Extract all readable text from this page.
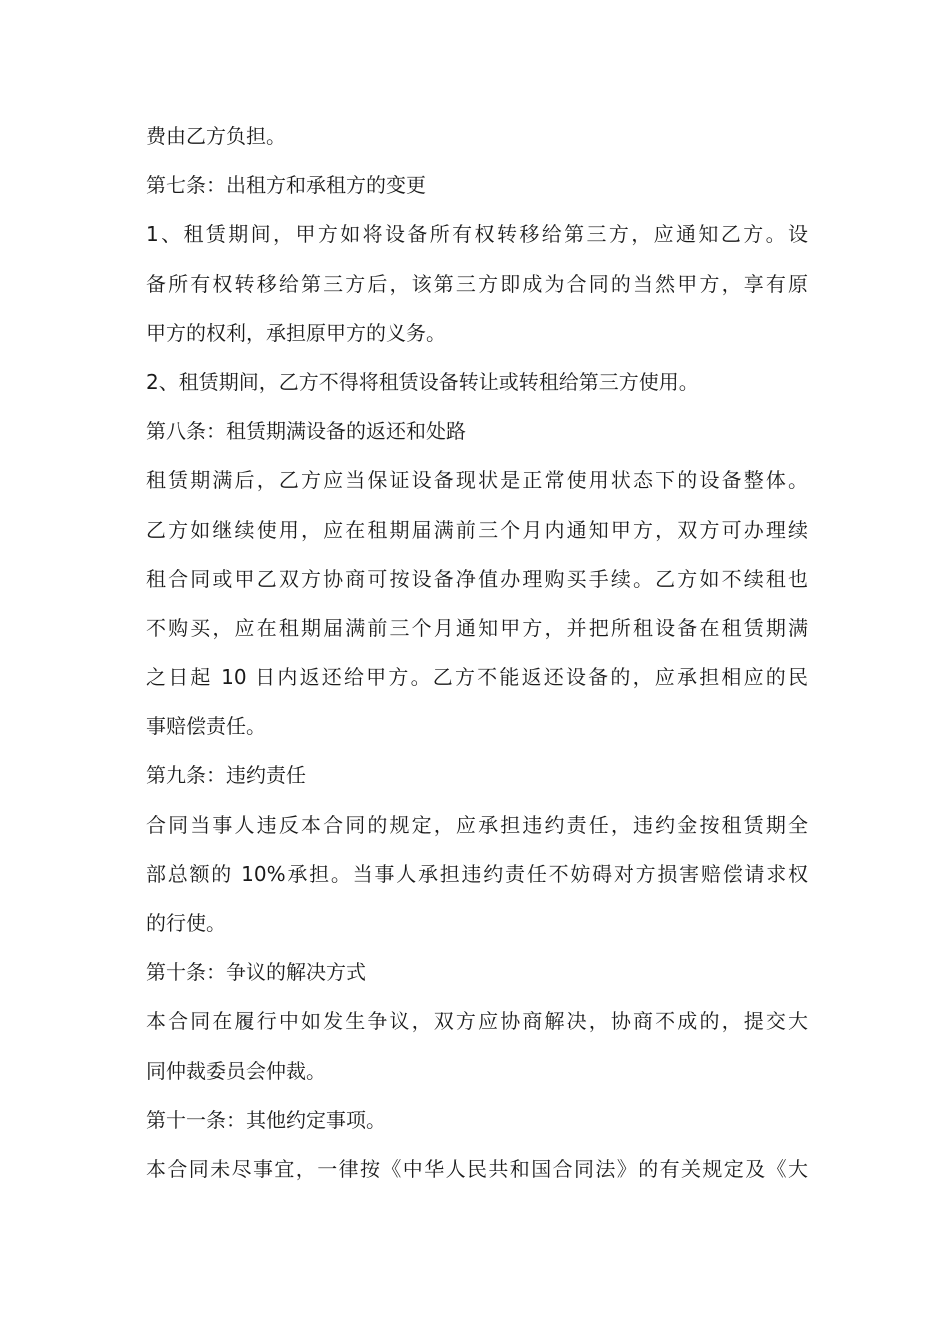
费由乙方负担。
第七条：出租方和承租方的变更
1、租赁期间，甲方如将设备所有权转移给第三方，应通知乙方。设
备所有权转移给第三方后，该第三方即成为合同的当然甲方，享有原
甲方的权利，承担原甲方的义务。
2、租赁期间，乙方不得将租赁设备转让或转租给第三方使用。
第八条：租赁期满设备的返还和处路
租赁期满后，乙方应当保证设备现状是正常使用状态下的设备整体。
乙方如继续使用，应在租期届满前三个月内通知甲方，双方可办理续
租合同或甲乙双方协商可按设备净值办理购买手续。乙方如不续租也
不购买，应在租期届满前三个月通知甲方，并把所租设备在租赁期满
之日起 10 日内返还给甲方。乙方不能返还设备的，应承担相应的民
事赔偿责任。
第九条：违约责任
合同当事人违反本合同的规定，应承担违约责任，违约金按租赁期全
部总额的 10%承担。当事人承担违约责任不妨碍对方损害赔偿请求权
的行使。
第十条：争议的解决方式
本合同在履行中如发生争议，双方应协商解决，协商不成的，提交大
同仲裁委员会仲裁。
第十一条：其他约定事项。
本合同未尽事宜，一律按《中华人民共和国合同法》的有关规定及《大
